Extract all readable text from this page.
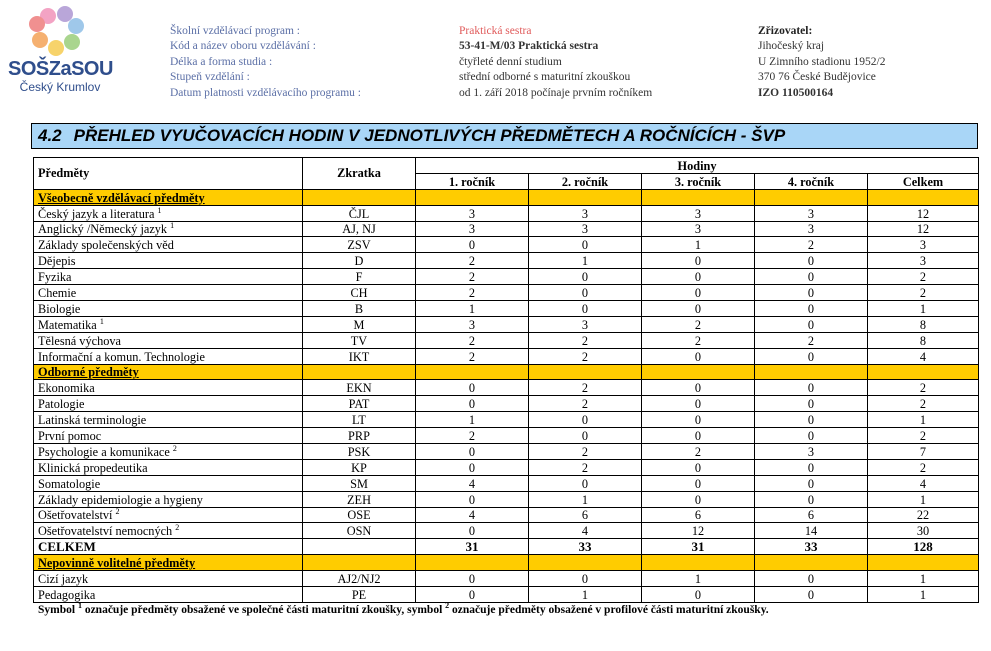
SOŠZaSOU
Český Krumlov
Školní vzdělávací program :
Kód a název oboru vzdělávání :
Délka a forma studia :
Stupeň vzdělání :
Datum platnosti vzdělávacího programu :
Praktická sestra
53-41-M/03 Praktická sestra
čtyřleté denní studium
střední odborné s maturitní zkouškou
od 1. září 2018 počínaje prvním ročníkem
Zřizovatel:
Jihočeský kraj
U Zimního stadionu 1952/2
370 76 České Budějovice
IZO 110500164
4.2 PŘEHLED VYUČOVACÍCH HODIN V JEDNOTLIVÝCH PŘEDMĚTECH A ROČNÍCÍCH - ŠVP
Předměty	Zkratka	Hodiny				
		1. ročník	2. ročník	3. ročník	4. ročník	Celkem
Všeobecně vzdělávací předměty						
Český jazyk a literatura $^1$	ČJL	3	3	3	3	12
Anglický /Německý jazyk $^1$	AJ, NJ	3	3	3	3	12
Základy společenských věd	ZSV	0	0	1	2	3
Dějepis	D	2	1	0	0	3
Fyzika	F	2	0	0	0	2
Chemie	CH	2	0	0	0	2
Biologie	B	1	0	0	0	1
Matematika $^1$	M	3	3	2	0	8
Tělesná výchova	TV	2	2	2	2	8
Informační a komun. Technologie	IKT	2	2	0	0	4
Odborné předměty						
Ekonomika	EKN	0	2	0	0	2
Patologie	PAT	0	2	0	0	2
Latinská terminologie	LT	1	0	0	0	1
První pomoc	PRP	2	0	0	0	2
Psychologie a komunikace $^2$	PSK	0	2	2	3	7
Klinická propedeutika	KP	0	2	0	0	2
Somatologie	SM	4	0	0	0	4
Základy epidemiologie a hygieny	ZEH	0	1	0	0	1
Ošetřovatelství $^2$	OSE	4	6	6	6	22
Ošetřovatelství nemocných $^2$	OSN	0	4	12	14	30
CELKEM		31	33	31	33	128
Nepovinně volitelné předměty						
Cizí jazyk	AJ2/NJ2	0	0	1	0	1
Pedagogika	PE	0	1	0	0	1
Symbol $^1$ označuje předměty obsažené ve společné části maturitní zkoušky, symbol $^2$ označuje předměty obsažené v profilové části maturitní zkoušky.
